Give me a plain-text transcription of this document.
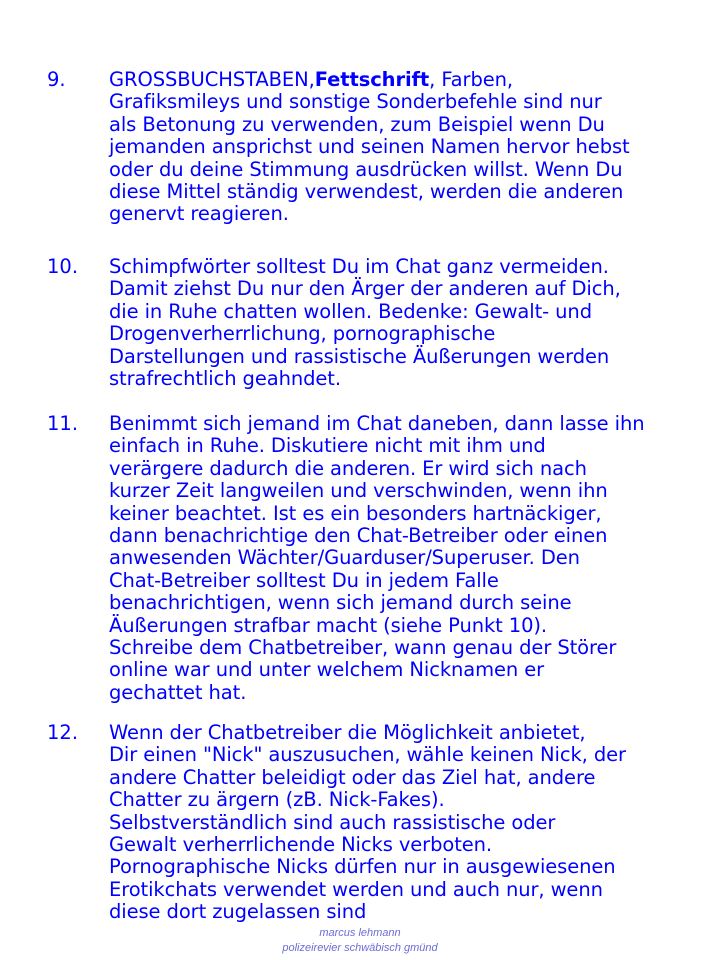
9. GROSSBUCHSTABEN,Fettschrift, Farben,
Grafiksmileys und sonstige Sonderbefehle sind nur
als Betonung zu verwenden, zum Beispiel wenn Du
jemanden ansprichst und seinen Namen hervor hebst
oder du deine Stimmung ausdrücken willst. Wenn Du
diese Mittel ständig verwendest, werden die anderen
genervt reagieren.
10. Schimpfwörter solltest Du im Chat ganz vermeiden.
Damit ziehst Du nur den Ärger der anderen auf Dich,
die in Ruhe chatten wollen. Bedenke: Gewalt- und
Drogenverherrlichung, pornographische
Darstellungen und rassistische Äußerungen werden
strafrechtlich geahndet.
11. Benimmt sich jemand im Chat daneben, dann lasse ihn
einfach in Ruhe. Diskutiere nicht mit ihm und
verärgere dadurch die anderen. Er wird sich nach
kurzer Zeit langweilen und verschwinden, wenn ihn
keiner beachtet. Ist es ein besonders hartnäckiger,
dann benachrichtige den Chat-Betreiber oder einen
anwesenden Wächter/Guarduser/Superuser. Den
Chat-Betreiber solltest Du in jedem Falle
benachrichtigen, wenn sich jemand durch seine
Äußerungen strafbar macht (siehe Punkt 10).
Schreibe dem Chatbetreiber, wann genau der Störer
online war und unter welchem Nicknamen er
gechattet hat.
12. Wenn der Chatbetreiber die Möglichkeit anbietet,
Dir einen "Nick" auszusuchen, wähle keinen Nick, der
andere Chatter beleidigt oder das Ziel hat, andere
Chatter zu ärgern (zB. Nick-Fakes).
Selbstverständlich sind auch rassistische oder
Gewalt verherrlichende Nicks verboten.
Pornographische Nicks dürfen nur in ausgewiesenen
Erotikchats verwendet werden und auch nur, wenn
diese dort zugelassen sind
marcus lehmann
polizeirevier schwäbisch gmünd
